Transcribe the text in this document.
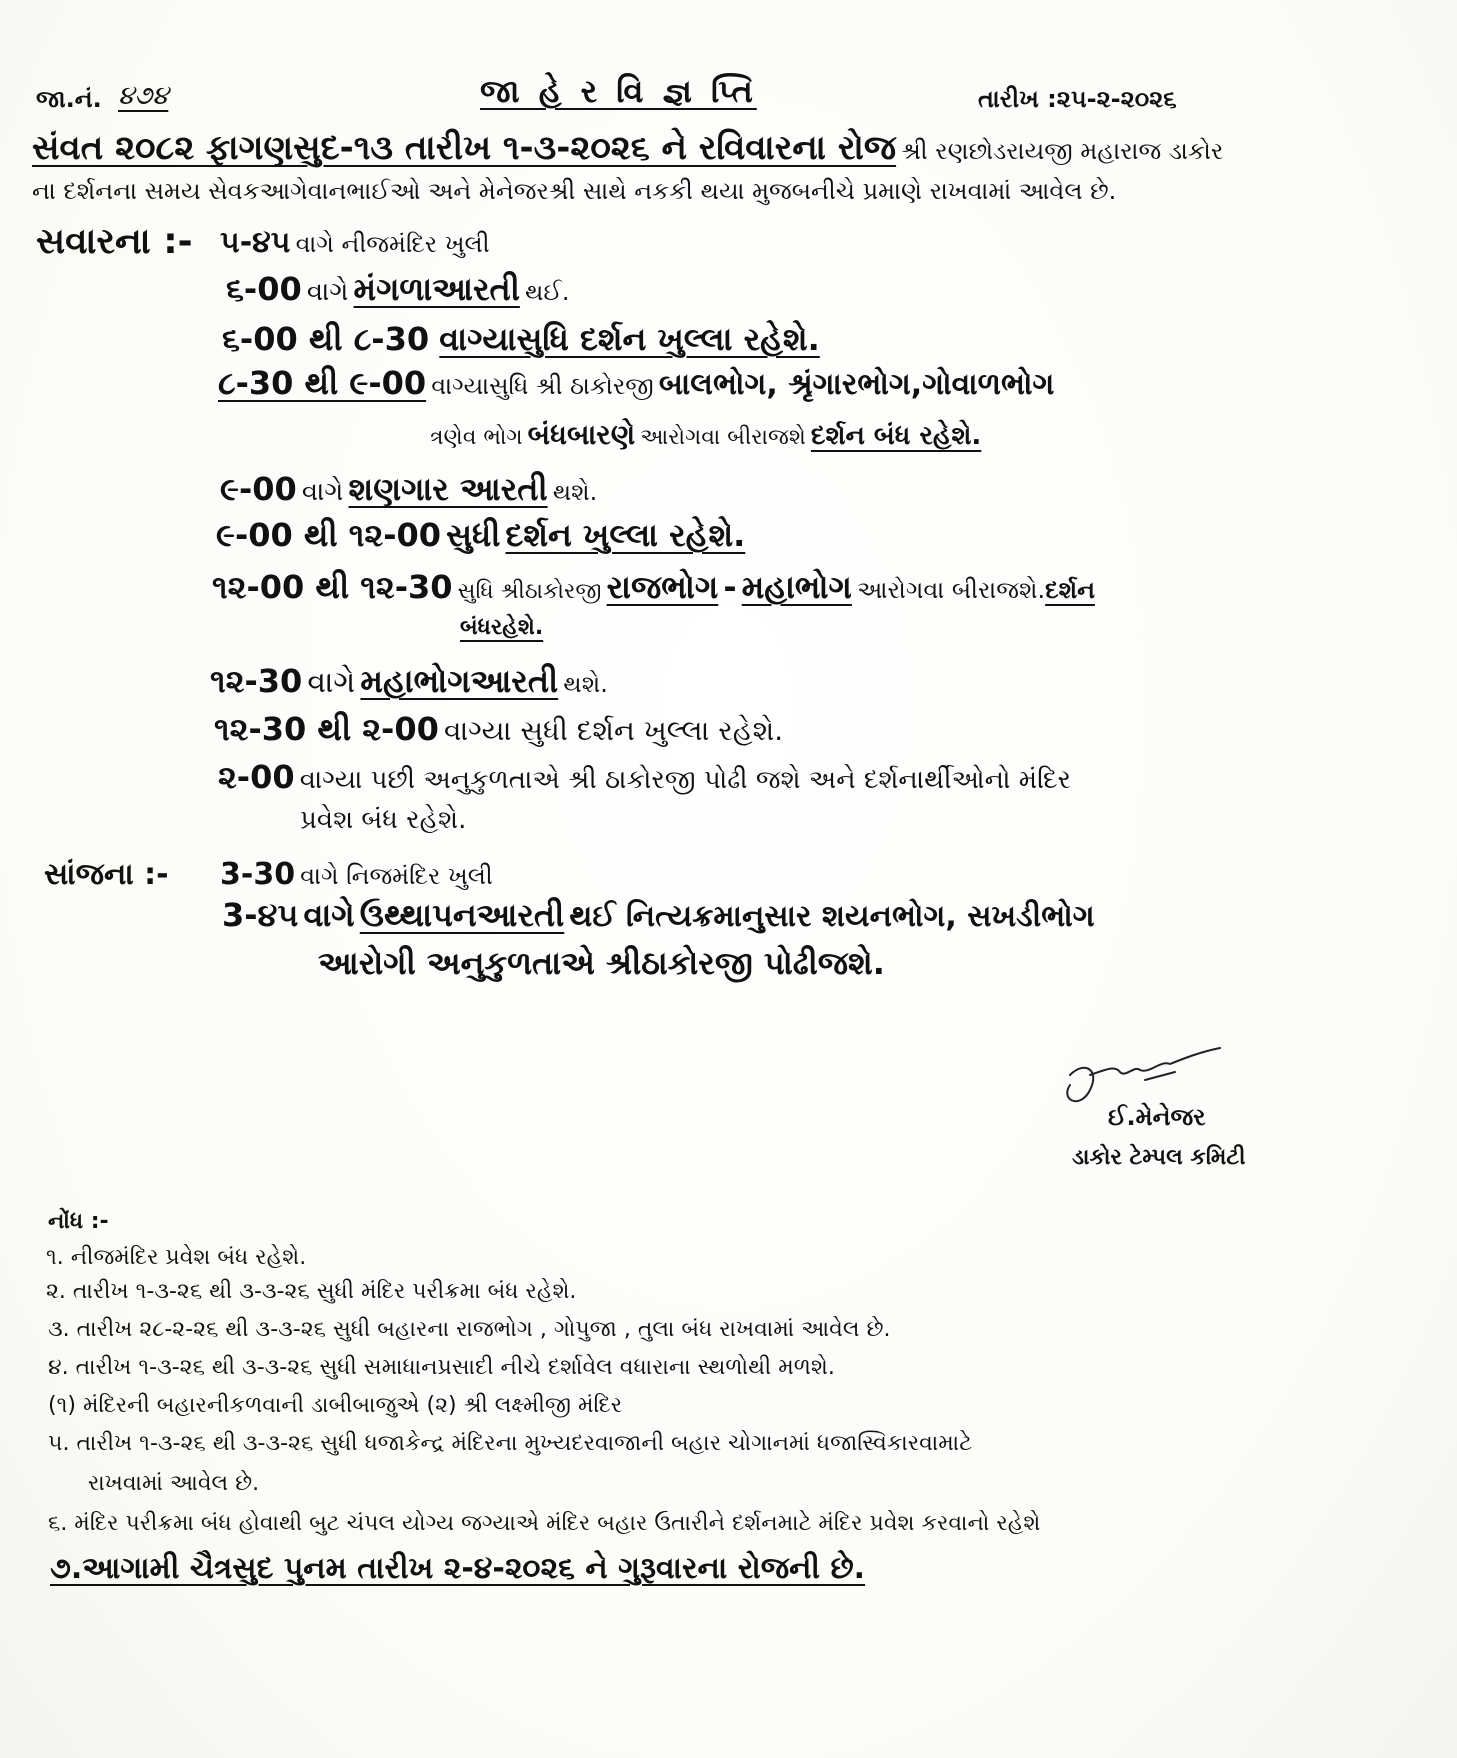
જા.નં. ૪૭૪	જા હે ર વિ જ્ઞ પ્તિ	તારીખ :૨૫-૨-૨૦૨૬
સંવત ૨૦૮૨ ફાગણસુદ-૧૩ તારીખ ૧-૩-૨૦૨૬ ને રવિવારના રોજ શ્રી રણછોડરાયજી મહારાજ ડાકોર
ના દર્શનના સમય સેવકઆગેવાનભાઈઓ અને મેનેજરશ્રી સાથે નકકી થયા મુજબનીચે પ્રમાણે રાખવામાં આવેલ છે.
સવારના :- ૫-૪૫ વાગે નીજમંદિર ખુલી
૬-00 વાગે મંગળાઆરતી થઈ.
૬-00 થી ૮-30 વાગ્યાસુધિ દર્શન ખુલ્લા રહેશે.
૮-30 થી ૯-00 વાગ્યાસુધિ શ્રી ઠાકોરજી બાલભોગ, શ્રૃંગારભોગ,ગોવાળભોગ
ત્રણેવ ભોગ બંધબારણે આરોગવા બીરાજશે દર્શન બંધ રહેશે.
૯-00 વાગે શણગાર આરતી થશે.
૯-00 થી ૧૨-00 સુધી દર્શન ખુલ્લા રહેશે.
૧૨-00 થી ૧૨-30 સુધિ શ્રીઠાકોરજી રાજભોગ - મહાભોગ આરોગવા બીરાજશે.દર્શન
બંધરહેશે.
૧૨-30 વાગે મહાભોગઆરતી થશે.
૧૨-30 થી ૨-00 વાગ્યા સુધી દર્શન ખુલ્લા રહેશે.
૨-00 વાગ્યા પછી અનુકુળતાએ શ્રી ઠાકોરજી પોઢી જશે અને દર્શનાર્થીઓનો મંદિર
પ્રવેશ બંધ રહેશે.
સાંજના :- 3-30 વાગે નિજમંદિર ખુલી
3-૪૫ વાગે ઉથ્થાપનઆરતી થઈ નિત્યક્રમાનુસાર શયનભોગ, સખડીભોગ
આરોગી અનુકુળતાએ શ્રીઠાકોરજી પોઢીજશે.
ઈ.મેનેજર
ડાકોર ટેમ્પલ કમિટી
નોંધ :-
૧. નીજમંદિર પ્રવેશ બંધ રહેશે.
૨. તારીખ ૧-૩-૨૬ થી ૩-૩-૨૬ સુધી મંદિર પરીક્રમા બંધ રહેશે.
૩. તારીખ ૨૮-૨-૨૬ થી ૩-૩-૨૬ સુધી બહારના રાજભોગ , ગોપુજા , તુલા બંધ રાખવામાં આવેલ છે.
૪. તારીખ ૧-૩-૨૬ થી ૩-૩-૨૬ સુધી સમાધાનપ્રસાદી નીચે દર્શાવેલ વધારાના સ્થળોથી મળશે.
(૧) મંદિરની બહારનીકળવાની ડાબીબાજુએ (૨) શ્રી લક્ષ્મીજી મંદિર
૫. તારીખ ૧-૩-૨૬ થી ૩-૩-૨૬ સુધી ધજાકેન્દ્ર મંદિરના મુખ્યદરવાજાની બહાર ચોગાનમાં ધજાસ્વિકારવામાટે
રાખવામાં આવેલ છે.
૬. મંદિર પરીક્રમા બંધ હોવાથી બુટ ચંપલ યોગ્ય જગ્યાએ મંદિર બહાર ઉતારીને દર્શનમાટે મંદિર પ્રવેશ કરવાનો રહેશે
૭.આગામી ચૈત્રસુદ પુનમ તારીખ ૨-૪-૨૦૨૬ ને ગુરૂવારના રોજની છે.
